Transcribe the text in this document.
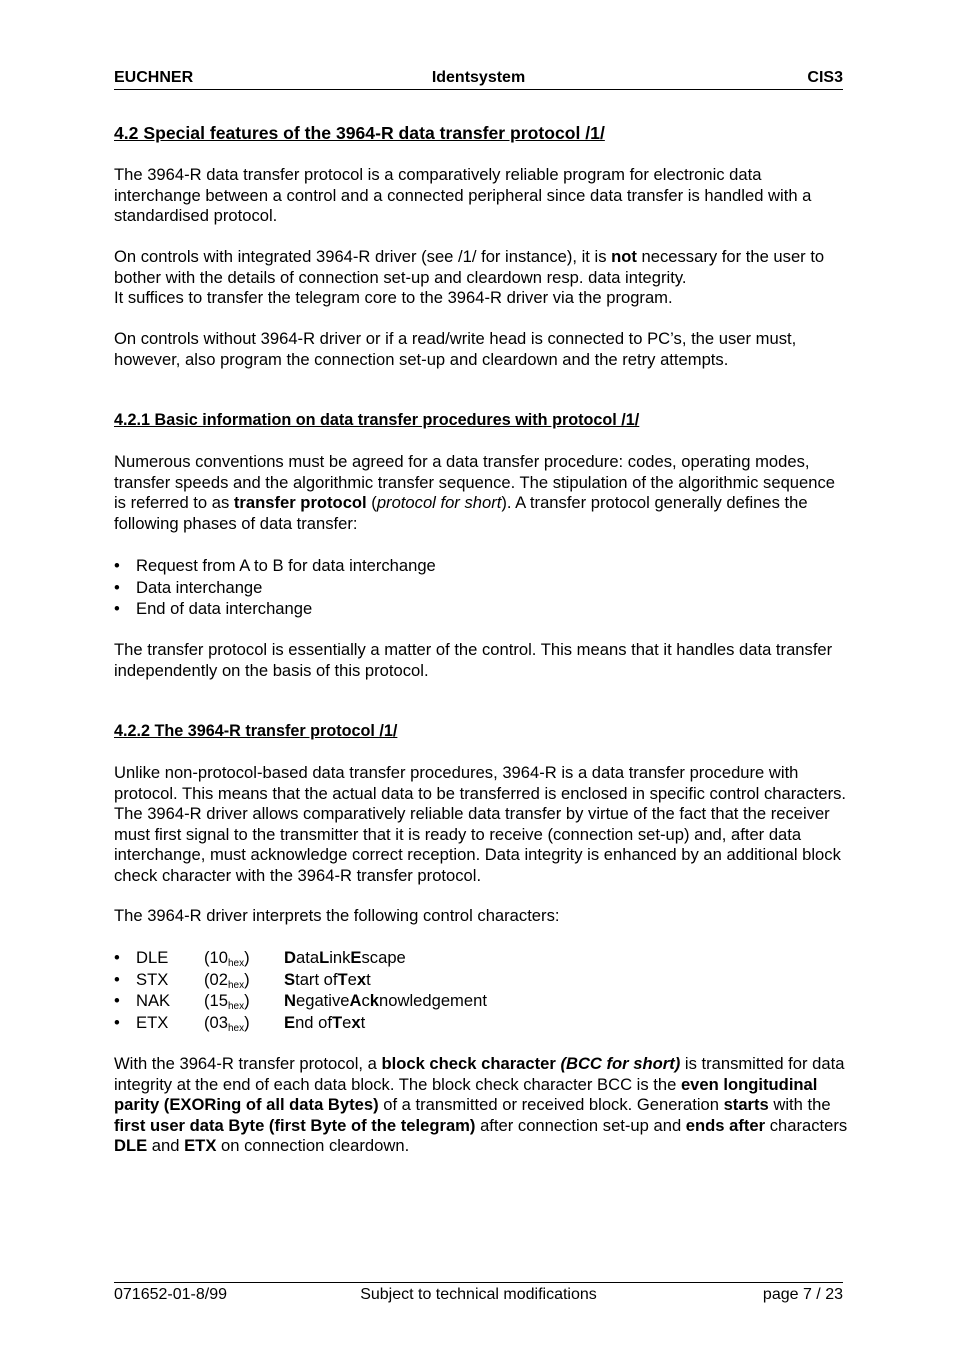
EUCHNER	Identsystem	CIS3
4.2 Special features of the 3964-R data transfer protocol /1/

The 3964-R data transfer protocol is a comparatively reliable program for electronic data interchange between a control and a connected peripheral since data transfer is handled with a standardised protocol.

On controls with integrated 3964-R driver (see /1/ for instance), it is not necessary for the user to bother with the details of connection set-up and cleardown resp. data integrity.

It suffices to transfer the telegram core to the 3964-R driver via the program.

On controls without 3964-R driver or if a read/write head is connected to PC’s, the user must, however, also program the connection set-up and cleardown and the retry attempts.

4.2.1 Basic information on data transfer procedures with protocol /1/

Numerous conventions must be agreed for a data transfer procedure: codes, operating modes, transfer speeds and the algorithmic transfer sequence. The stipulation of the algorithmic sequence is referred to as transfer protocol (protocol for short). A transfer protocol generally defines the following phases of data transfer:

• Request from A to B for data interchange
• Data interchange
• End of data interchange

The transfer protocol is essentially a matter of the control. This means that it handles data transfer independently on the basis of this protocol.

4.2.2 The 3964-R transfer protocol /1/

Unlike non-protocol-based data transfer procedures, 3964-R is a data transfer procedure with protocol. This means that the actual data to be transferred is enclosed in specific control characters. The 3964-R driver allows comparatively reliable data transfer by virtue of the fact that the receiver must first signal to the transmitter that it is ready to receive (connection set-up) and, after data interchange, must acknowledge correct reception. Data integrity is enhanced by an additional block check character with the 3964-R transfer protocol.

The 3964-R driver interprets the following control characters:

• DLE $(10_{hex})$ DataLinkEscape
• STX $(02_{hex})$ Start ofText
• NAK $(15_{hex})$ NegativeAcknowledgement
• ETX $(03_{hex})$ End ofText

With the 3964-R transfer protocol, a block check character (BCC for short) is transmitted for data integrity at the end of each data block. The block check character BCC is the even longitudinal parity (EXORing of all data Bytes) of a transmitted or received block. Generation starts with the first user data Byte (first Byte of the telegram) after connection set-up and ends after characters DLE and ETX on connection cleardown.

071652-01-8/99	Subject to technical modifications	page 7 / 23
